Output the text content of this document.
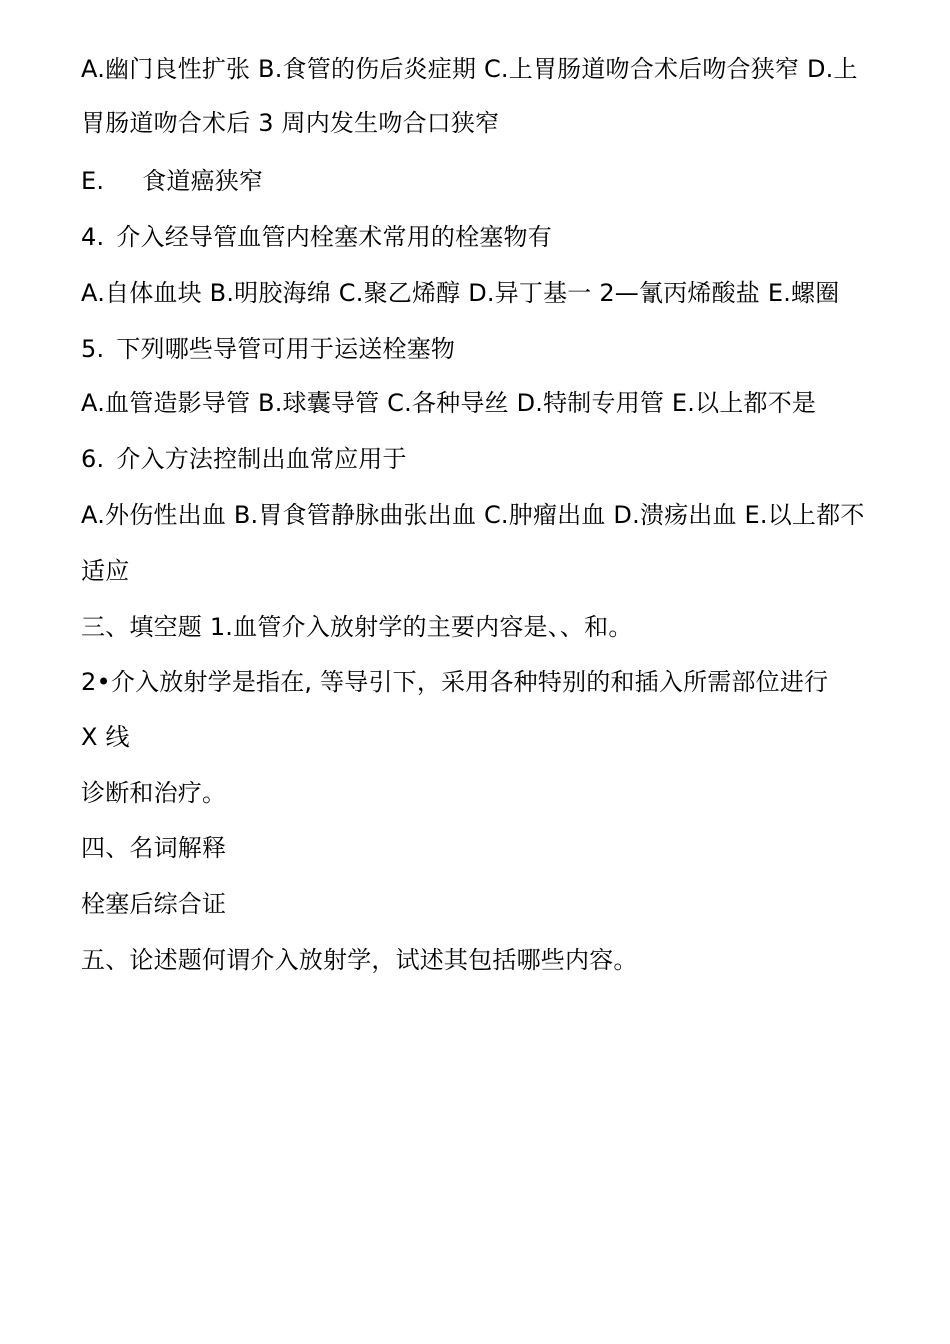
A.幽门良性扩张 B.食管的伤后炎症期 C.上胃肠道吻合术后吻合狭窄 D.上
胃肠道吻合术后 3 周内发生吻合口狭窄
E. 食道癌狭窄
4. 介入经导管血管内栓塞术常用的栓塞物有
A.自体血块 B.明胶海绵 C.聚乙烯醇 D.异丁基一 2—氰丙烯酸盐 E.螺圈
5. 下列哪些导管可用于运送栓塞物
A.血管造影导管 B.球囊导管 C.各种导丝 D.特制专用管 E.以上都不是
6. 介入方法控制出血常应用于
A.外伤性出血 B.胃食管静脉曲张出血 C.肿瘤出血 D.溃疡出血 E.以上都不
适应
三、填空题 1.血管介入放射学的主要内容是、、和。
2•介入放射学是指在, 等导引下，采用各种特别的和插入所需部位进行
X 线
诊断和治疗。
四、名词解释
栓塞后综合证
五、论述题何谓介入放射学，试述其包括哪些内容。
